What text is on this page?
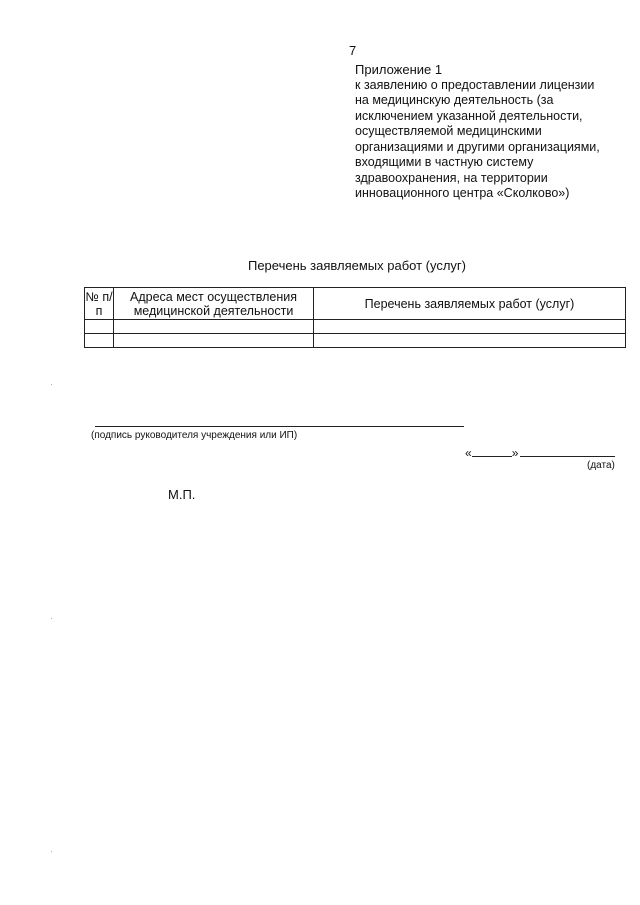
7
Приложение 1
к заявлению о предоставлении лицензии
на медицинскую деятельность (за
исключением указанной деятельности,
осуществляемой медицинскими
организациями и другими организациями,
входящими в частную систему
здравоохранения, на территории
инновационного центра «Сколково»)
Перечень заявляемых работ (услуг)
№ п/п	Адреса мест осуществления медицинской деятельности	Перечень заявляемых работ (услуг)

(подпись руководителя учреждения или ИП)
«	»
(дата)
М.П.
